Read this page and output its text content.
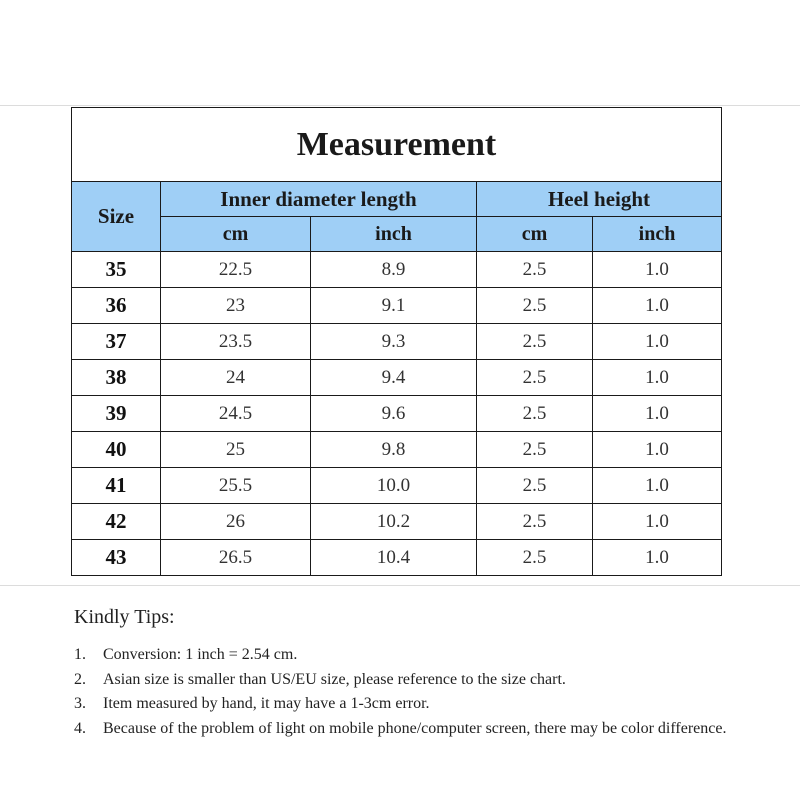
Measurement				
Size	Inner diameter length		Heel height	
	cm	inch	cm	inch
35	22.5	8.9	2.5	1.0
36	23	9.1	2.5	1.0
37	23.5	9.3	2.5	1.0
38	24	9.4	2.5	1.0
39	24.5	9.6	2.5	1.0
40	25	9.8	2.5	1.0
41	25.5	10.0	2.5	1.0
42	26	10.2	2.5	1.0
43	26.5	10.4	2.5	1.0
Kindly Tips:
1. Conversion: 1 inch = 2.54 cm.
2. Asian size is smaller than US/EU size, please reference to the size chart.
3. Item measured by hand, it may have a 1-3cm error.
4. Because of the problem of light on mobile phone/computer screen, there may be color difference.
